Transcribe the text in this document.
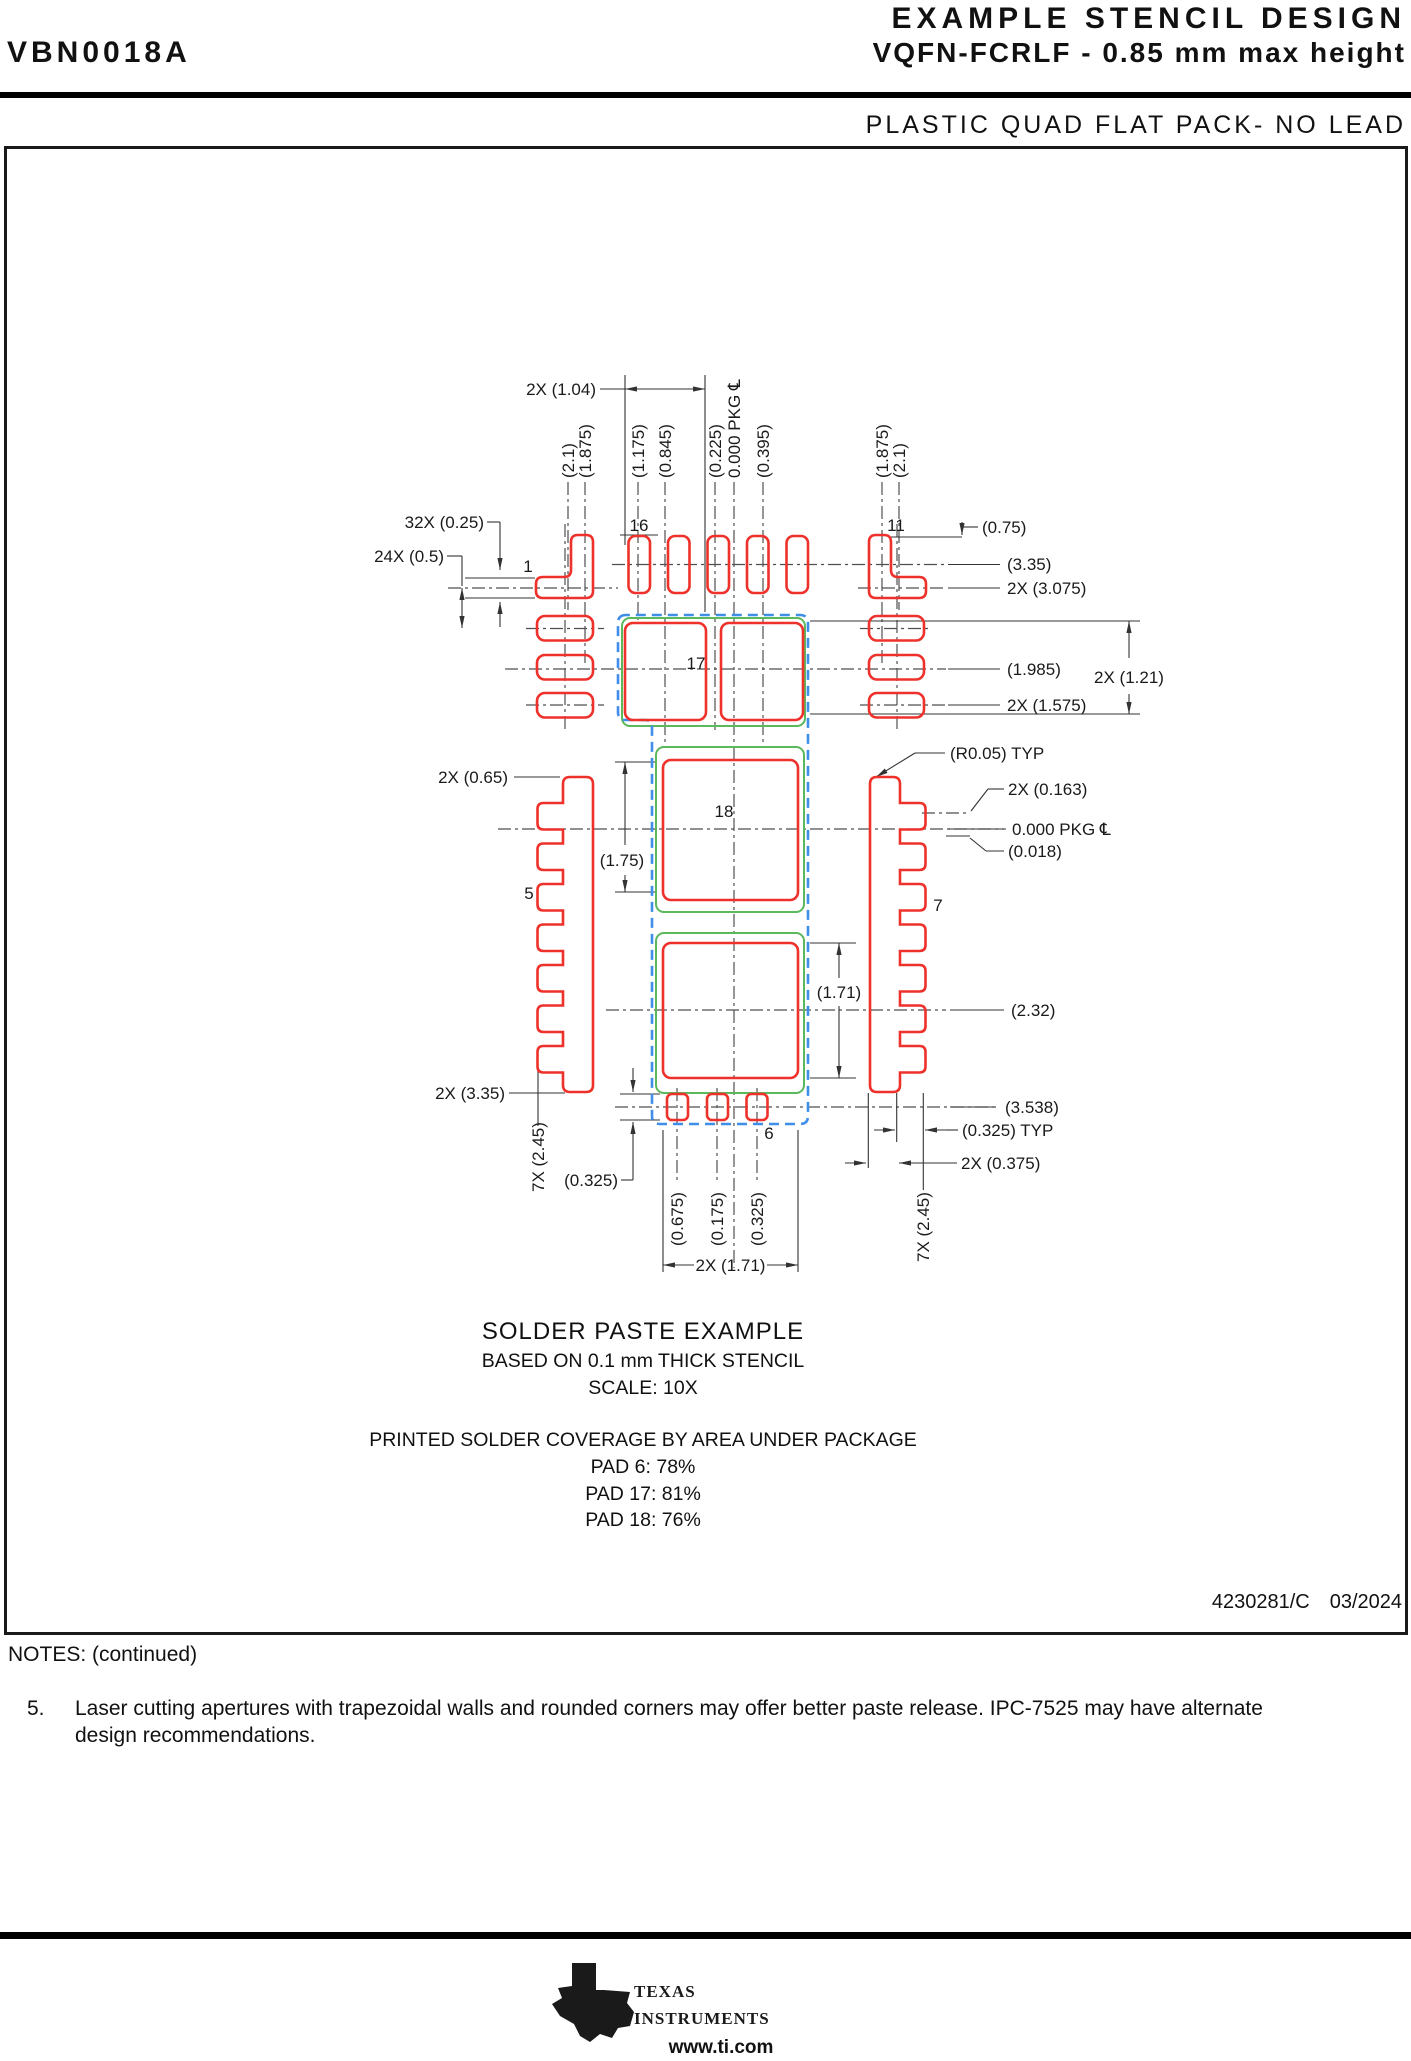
EXAMPLE STENCIL DESIGN
VBN0018A	VQFN-FCRLF - 0.85 mm max height
PLASTIC QUAD FLAT PACK- NO LEAD
2X (1.04)
32X (0.25)
24X (0.5)
(0.75)
(3.35)
2X (3.075)
(1.985) 2X (1.21)
2X (1.575)
(R0.05) TYP
2X (0.163)
0.000 PKG ℄
(0.018)
2X (0.65)
(1.75)
(1.71)
(2.32)
2X (3.35)
(3.538)
(0.325) TYP
2X (0.375)
(0.325)
2X (1.71)
(2.1)
(1.875) (1.175) (0.845) (0.225) 0.000 PKG ℄ (0.395)	(1.875)
(2.1)
7X (2.45)
7X (2.45)
(0.675) (0.175) (0.325)
1
16	11
17
18
5
7
6
ti
TEXAS
INSTRUMENTS
SOLDER PASTE EXAMPLE
BASED ON 0.1 mm THICK STENCIL
SCALE: 10X
PRINTED SOLDER COVERAGE BY AREA UNDER PACKAGE
PAD 6: 78%
PAD 17: 81%
PAD 18: 76%
4230281/C 03/2024
NOTES: (continued)
5. Laser cutting apertures with trapezoidal walls and rounded corners may offer better paste release. IPC-7525 may have alternate
design recommendations.
www.ti.com
